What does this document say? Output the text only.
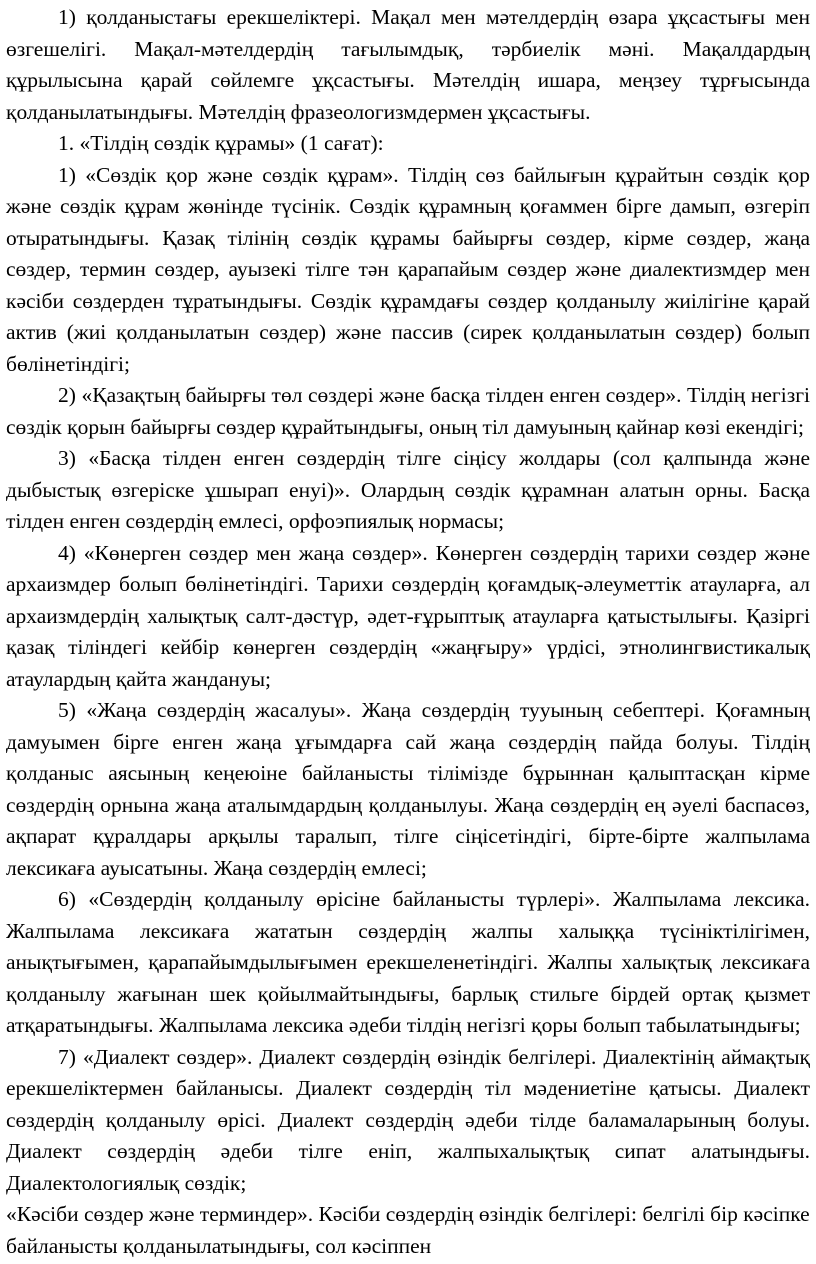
1) қолданыстағы ерекшеліктері. Мақал мен мәтелдердің өзара ұқсастығы мен өзгешелігі. Мақал-мәтелдердің тағылымдық, тәрбиелік мәні. Мақалдардың құрылысына қарай сөйлемге ұқсастығы. Мәтелдің ишара, меңзеу тұрғысында қолданылатындығы. Мәтелдің фразеологизмдермен ұқсастығы.

1. «Тілдің сөздік құрамы» (1 сағат):

1) «Сөздік қор және сөздік құрам». Тілдің сөз байлығын құрайтын сөздік қор және сөздік құрам жөнінде түсінік. Сөздік құрамның қоғаммен бірге дамып, өзгеріп отыратындығы. Қазақ тілінің сөздік құрамы байырғы сөздер, кірме сөздер, жаңа сөздер, термин сөздер, ауызекі тілге тән қарапайым сөздер және диалектизмдер мен кәсіби сөздерден тұратындығы. Сөздік құрамдағы сөздер қолданылу жиілігіне қарай актив (жиі қолданылатын сөздер) және пассив (сирек қолданылатын сөздер) болып бөлінетіндігі;

2) «Қазақтың байырғы төл сөздері және басқа тілден енген сөздер». Тілдің негізгі сөздік қорын байырғы сөздер құрайтындығы, оның тіл дамуының қайнар көзі екендігі;

3) «Басқа тілден енген сөздердің тілге сіңісу жолдары (сол қалпында және дыбыстық өзгеріске ұшырап енуі)». Олардың сөздік құрамнан алатын орны. Басқа тілден енген сөздердің емлесі, орфоэпиялық нормасы;

4) «Көнерген сөздер мен жаңа сөздер». Көнерген сөздердің тарихи сөздер және архаизмдер болып бөлінетіндігі. Тарихи сөздердің қоғамдық-әлеуметтік атауларға, ал архаизмдердің халықтық салт-дәстүр, әдет-ғұрыптық атауларға қатыстылығы. Қазіргі қазақ тіліндегі кейбір көнерген сөздердің «жаңғыру» үрдісі, этнолингвистикалық атаулардың қайта жандануы;

5) «Жаңа сөздердің жасалуы». Жаңа сөздердің тууының себептері. Қоғамның дамуымен бірге енген жаңа ұғымдарға сай жаңа сөздердің пайда болуы. Тілдің қолданыс аясының кеңеюіне байланысты тілімізде бұрыннан қалыптасқан кірме сөздердің орнына жаңа аталымдардың қолданылуы. Жаңа сөздердің ең әуелі баспасөз, ақпарат құралдары арқылы таралып, тілге сіңісетіндігі, бірте-бірте жалпылама лексикаға ауысатыны. Жаңа сөздердің емлесі;

6) «Сөздердің қолданылу өрісіне байланысты түрлері». Жалпылама лексика. Жалпылама лексикаға жататын сөздердің жалпы халыққа түсініктілігімен, анықтығымен, қарапайымдылығымен ерекшеленетіндігі. Жалпы халықтық лексикаға қолданылу жағынан шек қойылмайтындығы, барлық стильге бірдей ортақ қызмет атқаратындығы. Жалпылама лексика әдеби тілдің негізгі қоры болып табылатындығы;

7) «Диалект сөздер». Диалект сөздердің өзіндік белгілері. Диалектінің аймақтық ерекшеліктермен байланысы. Диалект сөздердің тіл мәдениетіне қатысы. Диалект сөздердің қолданылу өрісі. Диалект сөздердің әдеби тілде баламаларының болуы. Диалект сөздердің әдеби тілге еніп, жалпыхалықтық сипат алатындығы. Диалектологиялық сөздік;

«Кәсіби сөздер және терминдер». Кәсіби сөздердің өзіндік белгілері: белгілі бір кәсіпке байланысты қолданылатындығы, сол кәсіппен
